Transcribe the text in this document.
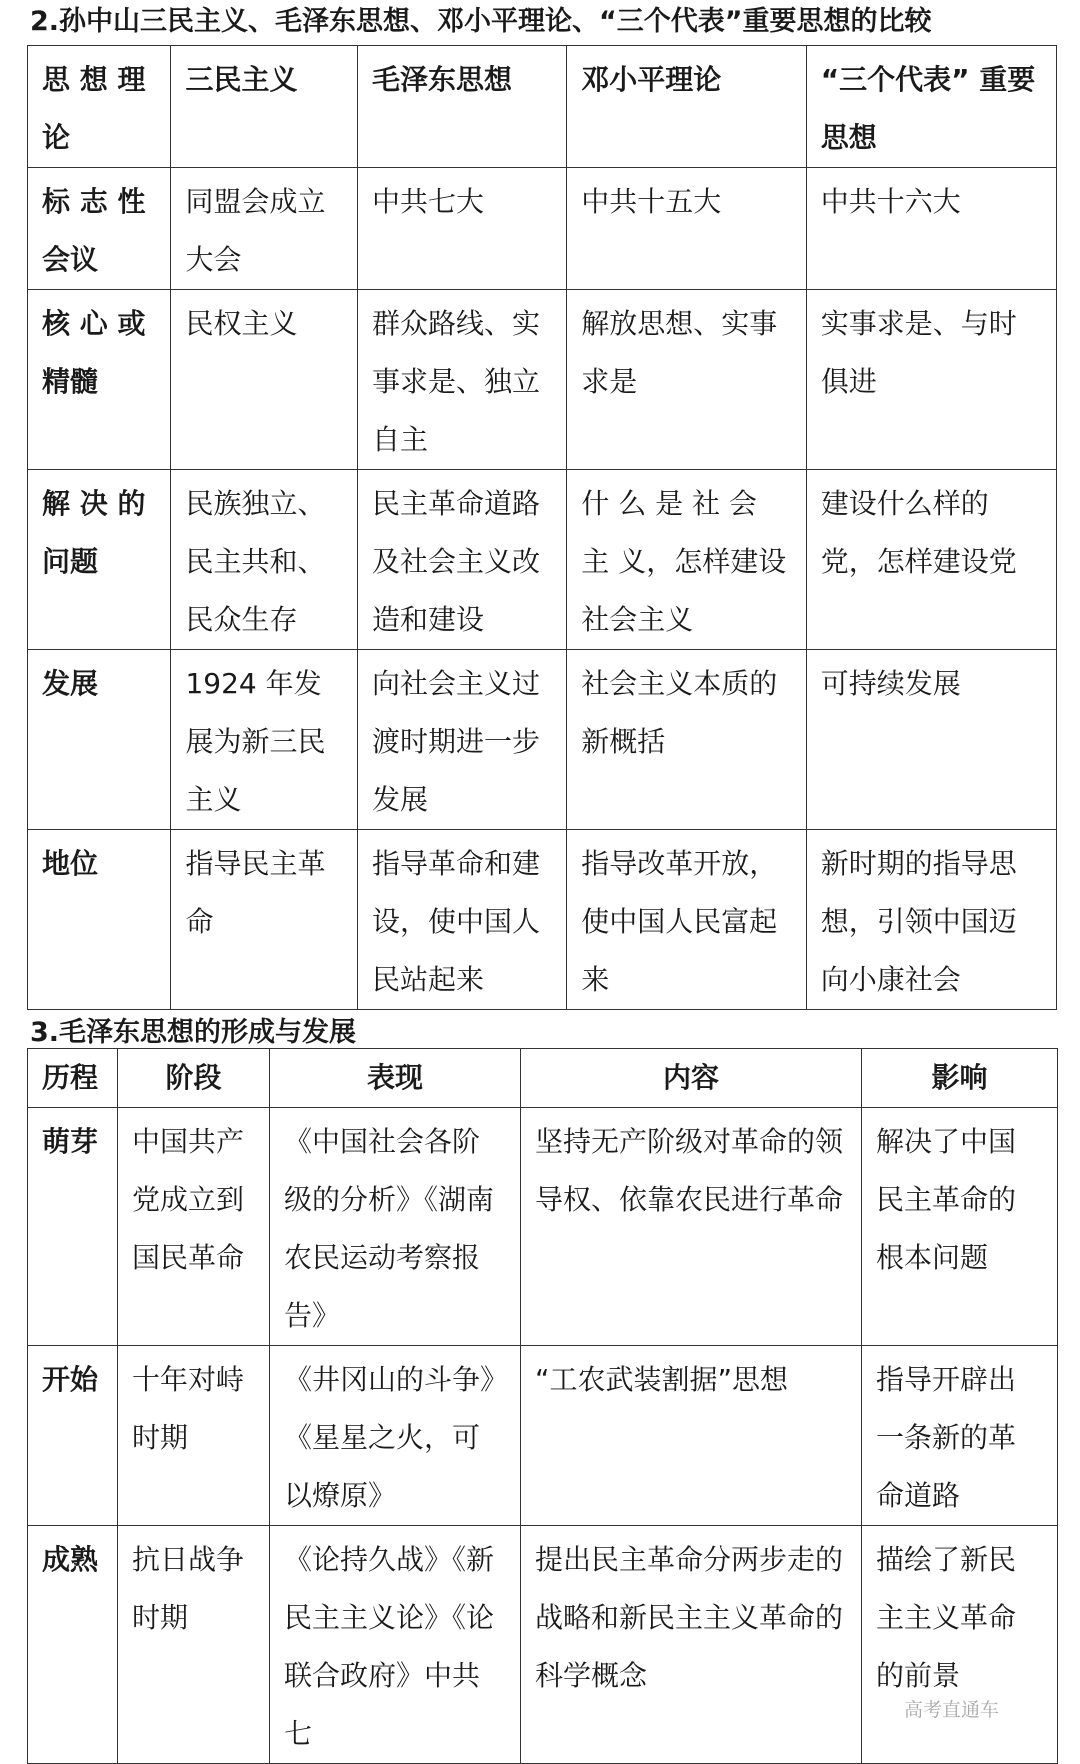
2.孙中山三民主义、毛泽东思想、邓小平理论、“三个代表”重要思想的比较
思 想 理 论	三民主义	毛泽东思想	邓小平理论	“三个代表” 重要思想
标 志 性 会议	同盟会成立大会	中共七大	中共十五大	中共十六大
核 心 或 精髓	民权主义	群众路线、实事求是、独立自主	解放思想、实事求是	实事求是、与时俱进
解 决 的 问题	民族独立、民主共和、民众生存	民主革命道路及社会主义改造和建设	什 么 是 社 会 主 义，怎样建设社会主义	建设什么样的党，怎样建设党
发展	1924 年发展为新三民主义	向社会主义过渡时期进一步发展	社会主义本质的新概括	可持续发展
地位	指导民主革命	指导革命和建设，使中国人民站起来	指导改革开放，使中国人民富起来	新时期的指导思想，引领中国迈向小康社会
3.毛泽东思想的形成与发展
历程	阶段	表现	内容	影响
萌芽	中国共产党成立到国民革命	《中国社会各阶级的分析》《湖南农民运动考察报告》	坚持无产阶级对革命的领导权、依靠农民进行革命	解决了中国民主革命的根本问题
开始	十年对峙时期	《井冈山的斗争》《星星之火，可以燎原》	“工农武装割据”思想	指导开辟出一条新的革命道路
成熟	抗日战争时期	《论持久战》《新民主主义论》《论联合政府》中共七	提出民主革命分两步走的战略和新民主主义革命的科学概念	描绘了新民主主义革命的前景
高考直通车
